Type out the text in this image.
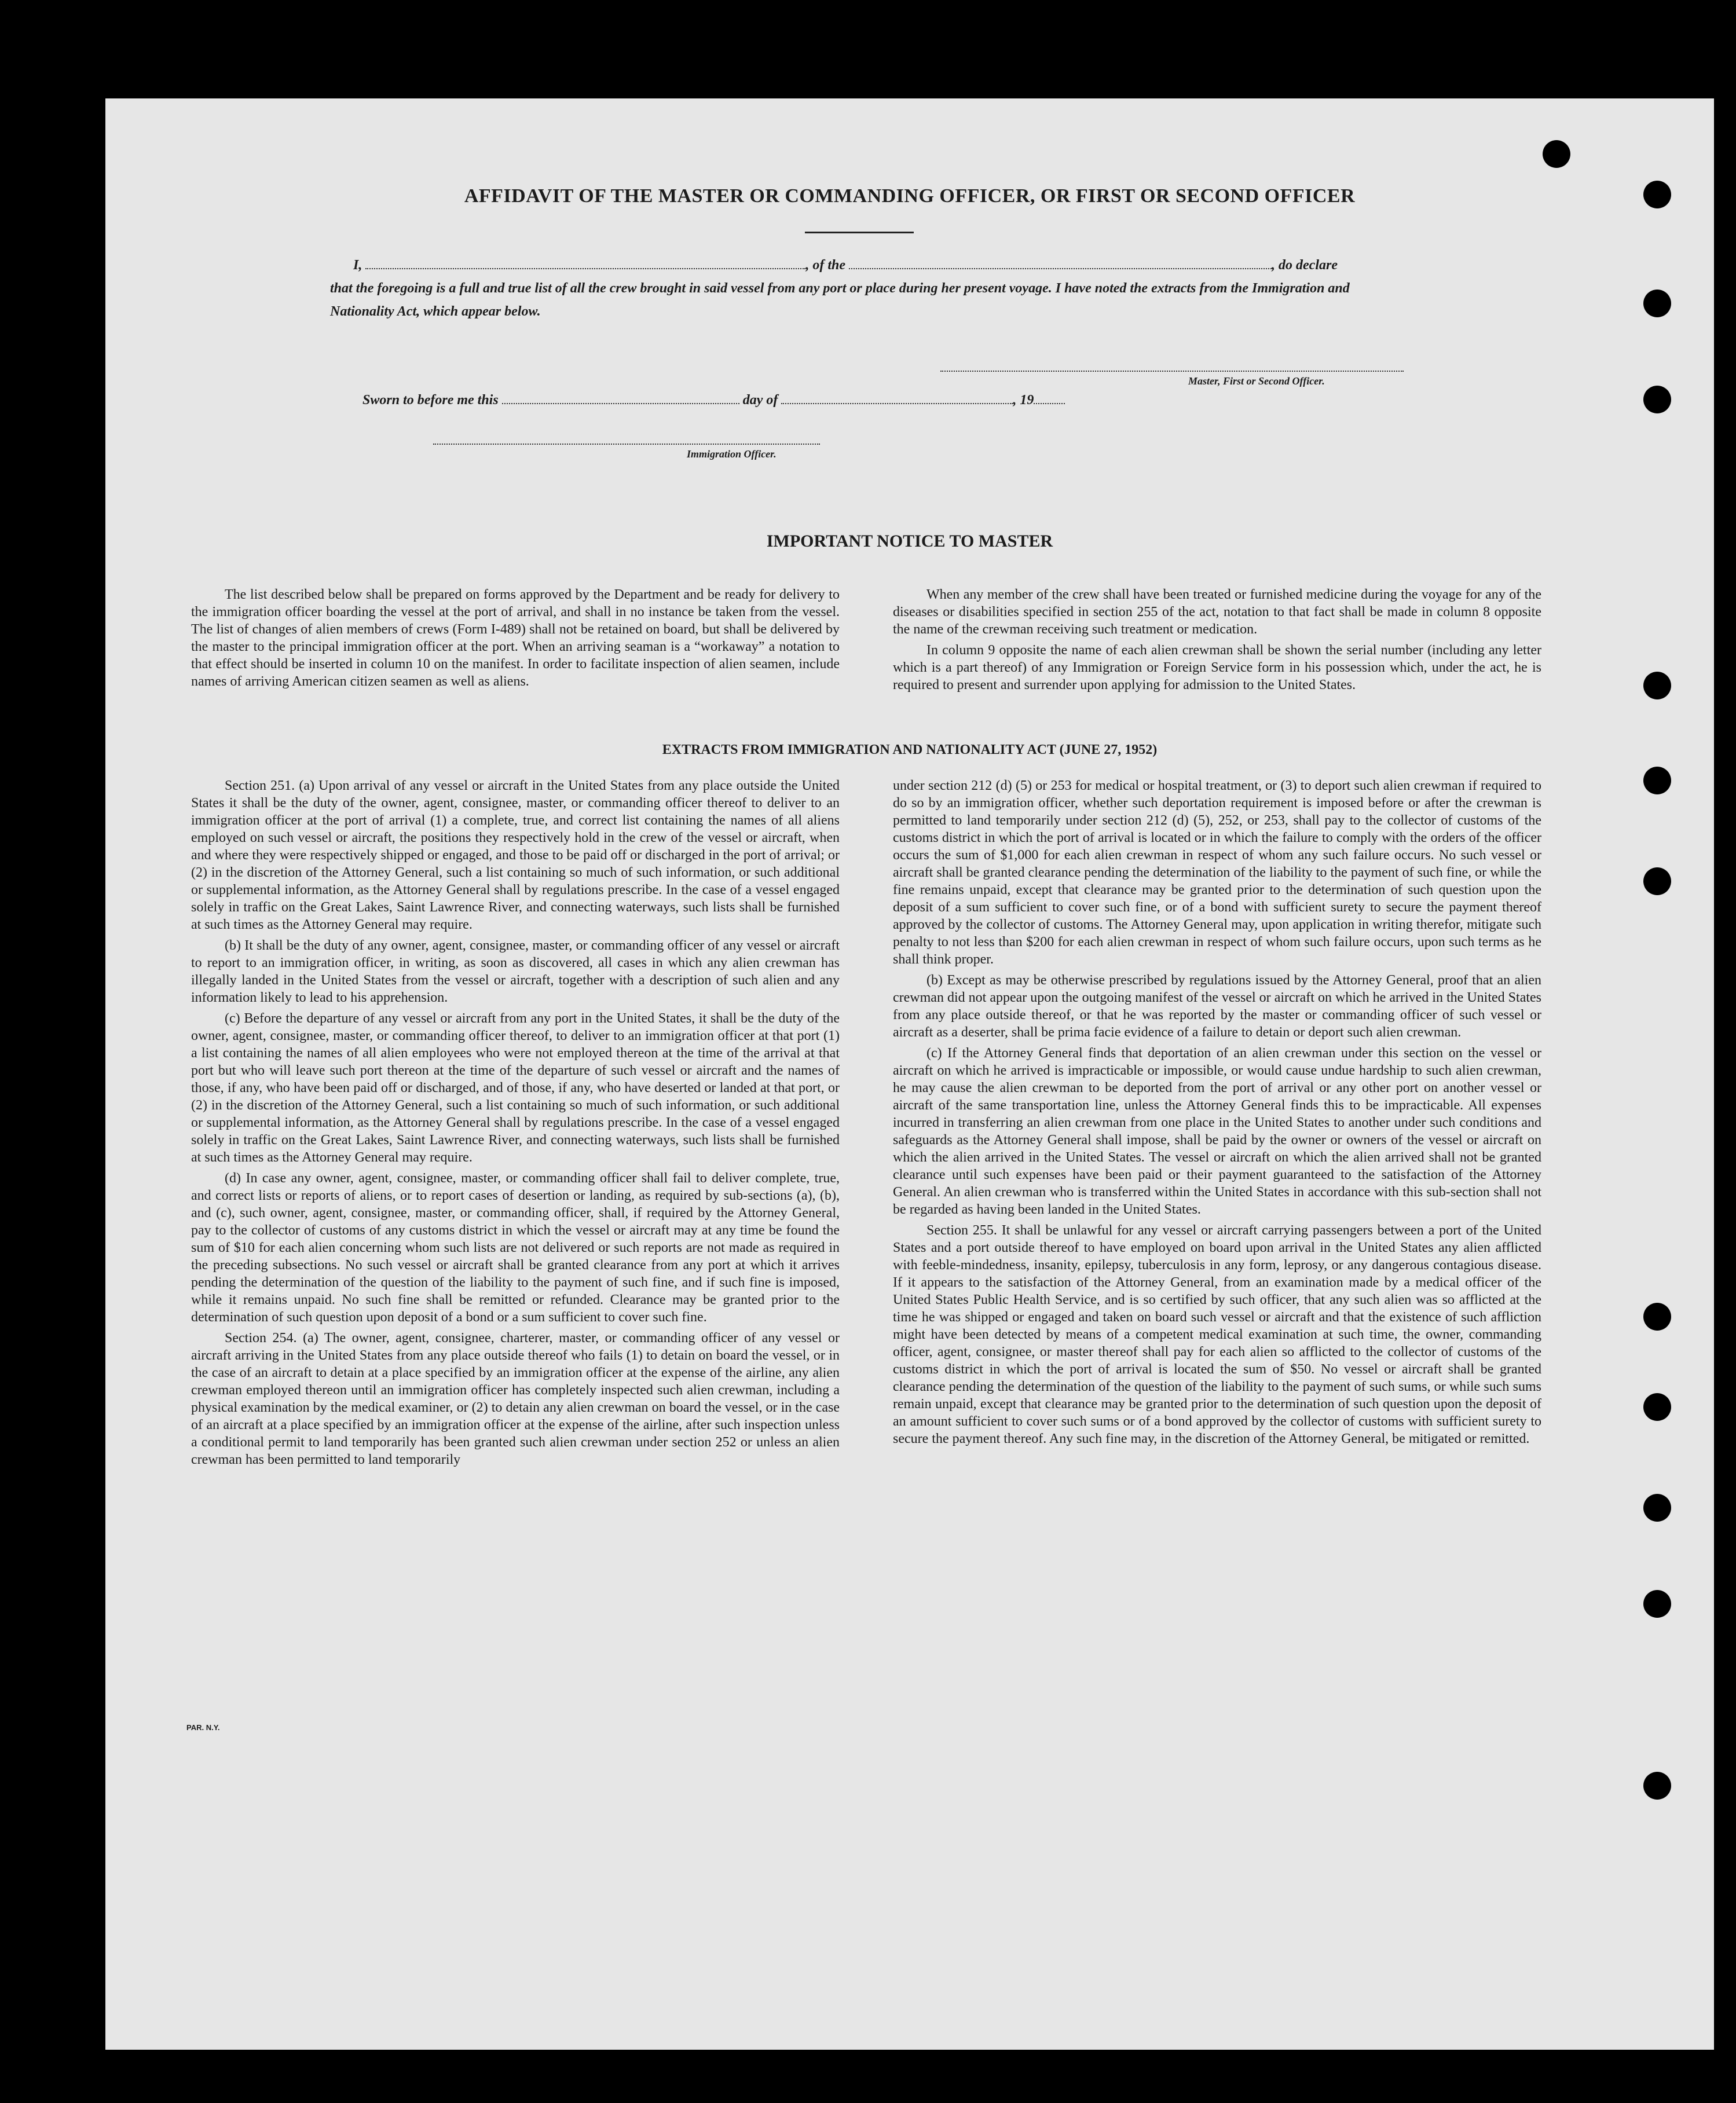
AFFIDAVIT OF THE MASTER OR COMMANDING OFFICER, OR FIRST OR SECOND OFFICER
I,	, of the	, do declare
that the foregoing is a full and true list of all the crew brought in said vessel from any port or place during her present voyage. I have noted the extracts from the Immigration and Nationality Act, which appear below.
Master, First or Second Officer.
Sworn to before me this	day of	, 19
Immigration Officer.
IMPORTANT NOTICE TO MASTER

The list described below shall be prepared on forms approved by the Department and be ready for delivery to the immigration officer boarding the vessel at the port of arrival, and shall in no instance be taken from the vessel. The list of changes of alien members of crews (Form I-489) shall not be retained on board, but shall be delivered by the master to the principal immigration officer at the port. When an arriving seaman is a “workaway” a notation to that effect should be inserted in column 10 on the manifest. In order to facilitate inspection of alien seamen, include names of arriving American citizen seamen as well as aliens.

When any member of the crew shall have been treated or furnished medicine during the voyage for any of the diseases or disabilities specified in section 255 of the act, notation to that fact shall be made in column 8 opposite the name of the crewman receiving such treatment or medication.

In column 9 opposite the name of each alien crewman shall be shown the serial number (including any letter which is a part thereof) of any Immigration or Foreign Service form in his possession which, under the act, he is required to present and surrender upon applying for admission to the United States.

EXTRACTS FROM IMMIGRATION AND NATIONALITY ACT (JUNE 27, 1952)

Section 251. (a) Upon arrival of any vessel or aircraft in the United States from any place outside the United States it shall be the duty of the owner, agent, consignee, master, or commanding officer thereof to deliver to an immigration officer at the port of arrival (1) a complete, true, and correct list containing the names of all aliens employed on such vessel or aircraft, the positions they respectively hold in the crew of the vessel or aircraft, when and where they were respectively shipped or engaged, and those to be paid off or discharged in the port of arrival; or (2) in the discretion of the Attorney General, such a list containing so much of such information, or such additional or supplemental information, as the Attorney General shall by regulations prescribe. In the case of a vessel engaged solely in traffic on the Great Lakes, Saint Lawrence River, and connecting waterways, such lists shall be furnished at such times as the Attorney General may require.

(b) It shall be the duty of any owner, agent, consignee, master, or commanding officer of any vessel or aircraft to report to an immigration officer, in writing, as soon as discovered, all cases in which any alien crewman has illegally landed in the United States from the vessel or aircraft, together with a description of such alien and any information likely to lead to his apprehension.

(c) Before the departure of any vessel or aircraft from any port in the United States, it shall be the duty of the owner, agent, consignee, master, or commanding officer thereof, to deliver to an immigration officer at that port (1) a list containing the names of all alien employees who were not employed thereon at the time of the arrival at that port but who will leave such port thereon at the time of the departure of such vessel or aircraft and the names of those, if any, who have been paid off or discharged, and of those, if any, who have deserted or landed at that port, or (2) in the discretion of the Attorney General, such a list containing so much of such information, or such additional or supplemental information, as the Attorney General shall by regulations prescribe. In the case of a vessel engaged solely in traffic on the Great Lakes, Saint Lawrence River, and connecting waterways, such lists shall be furnished at such times as the Attorney General may require.

(d) In case any owner, agent, consignee, master, or commanding officer shall fail to deliver complete, true, and correct lists or reports of aliens, or to report cases of desertion or landing, as required by sub-sections (a), (b), and (c), such owner, agent, consignee, master, or commanding officer, shall, if required by the Attorney General, pay to the collector of customs of any customs district in which the vessel or aircraft may at any time be found the sum of $10 for each alien concerning whom such lists are not delivered or such reports are not made as required in the preceding subsections. No such vessel or aircraft shall be granted clearance from any port at which it arrives pending the determination of the question of the liability to the payment of such fine, and if such fine is imposed, while it remains unpaid. No such fine shall be remitted or refunded. Clearance may be granted prior to the determination of such question upon deposit of a bond or a sum sufficient to cover such fine.

Section 254. (a) The owner, agent, consignee, charterer, master, or commanding officer of any vessel or aircraft arriving in the United States from any place outside thereof who fails (1) to detain on board the vessel, or in the case of an aircraft to detain at a place specified by an immigration officer at the expense of the airline, any alien crewman employed thereon until an immigration officer has completely inspected such alien crewman, including a physical examination by the medical examiner, or (2) to detain any alien crewman on board the vessel, or in the case of an aircraft at a place specified by an immigration officer at the expense of the airline, after such inspection unless a conditional permit to land temporarily has been granted such alien crewman under section 252 or unless an alien crewman has been permitted to land temporarily

under section 212 (d) (5) or 253 for medical or hospital treatment, or (3) to deport such alien crewman if required to do so by an immigration officer, whether such deportation requirement is imposed before or after the crewman is permitted to land temporarily under section 212 (d) (5), 252, or 253, shall pay to the collector of customs of the customs district in which the port of arrival is located or in which the failure to comply with the orders of the officer occurs the sum of $1,000 for each alien crewman in respect of whom any such failure occurs. No such vessel or aircraft shall be granted clearance pending the determination of the liability to the payment of such fine, or while the fine remains unpaid, except that clearance may be granted prior to the determination of such question upon the deposit of a sum sufficient to cover such fine, or of a bond with sufficient surety to secure the payment thereof approved by the collector of customs. The Attorney General may, upon application in writing therefor, mitigate such penalty to not less than $200 for each alien crewman in respect of whom such failure occurs, upon such terms as he shall think proper.

(b) Except as may be otherwise prescribed by regulations issued by the Attorney General, proof that an alien crewman did not appear upon the outgoing manifest of the vessel or aircraft on which he arrived in the United States from any place outside thereof, or that he was reported by the master or commanding officer of such vessel or aircraft as a deserter, shall be prima facie evidence of a failure to detain or deport such alien crewman.

(c) If the Attorney General finds that deportation of an alien crewman under this section on the vessel or aircraft on which he arrived is impracticable or impossible, or would cause undue hardship to such alien crewman, he may cause the alien crewman to be deported from the port of arrival or any other port on another vessel or aircraft of the same transportation line, unless the Attorney General finds this to be impracticable. All expenses incurred in transferring an alien crewman from one place in the United States to another under such conditions and safeguards as the Attorney General shall impose, shall be paid by the owner or owners of the vessel or aircraft on which the alien arrived in the United States. The vessel or aircraft on which the alien arrived shall not be granted clearance until such expenses have been paid or their payment guaranteed to the satisfaction of the Attorney General. An alien crewman who is transferred within the United States in accordance with this sub-section shall not be regarded as having been landed in the United States.

Section 255. It shall be unlawful for any vessel or aircraft carrying passengers between a port of the United States and a port outside thereof to have employed on board upon arrival in the United States any alien afflicted with feeble-mindedness, insanity, epilepsy, tuberculosis in any form, leprosy, or any dangerous contagious disease. If it appears to the satisfaction of the Attorney General, from an examination made by a medical officer of the United States Public Health Service, and is so certified by such officer, that any such alien was so afflicted at the time he was shipped or engaged and taken on board such vessel or aircraft and that the existence of such affliction might have been detected by means of a competent medical examination at such time, the owner, commanding officer, agent, consignee, or master thereof shall pay for each alien so afflicted to the collector of customs of the customs district in which the port of arrival is located the sum of $50. No vessel or aircraft shall be granted clearance pending the determination of the question of the liability to the payment of such sums, or while such sums remain unpaid, except that clearance may be granted prior to the determination of such question upon the deposit of an amount sufficient to cover such sums or of a bond approved by the collector of customs with sufficient surety to secure the payment thereof. Any such fine may, in the discretion of the Attorney General, be mitigated or remitted.

PAR. N.Y.
